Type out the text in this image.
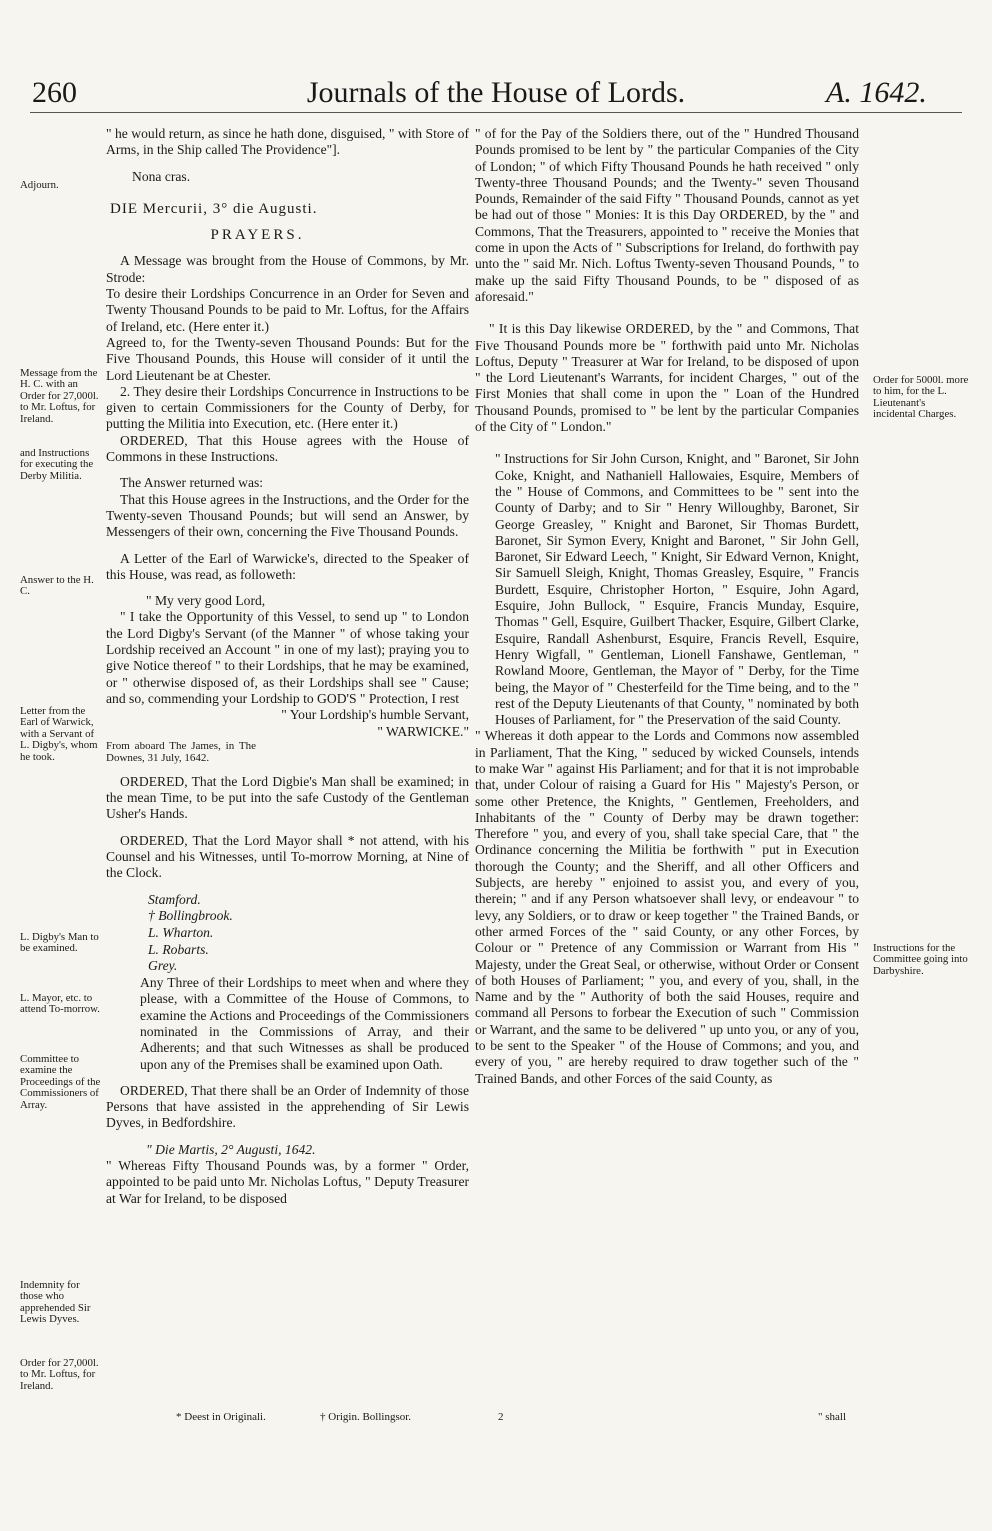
260	Journals of the House of Lords.	A. 1642.

" he would return, as since he hath done, disguised, " with Store of Arms, in the Ship called The Providence"].

Nona cras.

DIE Mercurii, 3° die Augusti.

PRAYERS.

A Message was brought from the House of Commons, by Mr. Strode:

To desire their Lordships Concurrence in an Order for Seven and Twenty Thousand Pounds to be paid to Mr. Loftus, for the Affairs of Ireland, etc. (Here enter it.)

Agreed to, for the Twenty-seven Thousand Pounds: But for the Five Thousand Pounds, this House will consider of it until the Lord Lieutenant be at Chester.

2. They desire their Lordships Concurrence in Instructions to be given to certain Commissioners for the County of Derby, for putting the Militia into Execution, etc. (Here enter it.)

ORDERED, That this House agrees with the House of Commons in these Instructions.

The Answer returned was:

That this House agrees in the Instructions, and the Order for the Twenty-seven Thousand Pounds; but will send an Answer, by Messengers of their own, concerning the Five Thousand Pounds.

A Letter of the Earl of Warwicke's, directed to the Speaker of this House, was read, as followeth:

" My very good Lord,

" I take the Opportunity of this Vessel, to send up " to London the Lord Digby's Servant (of the Manner " of whose taking your Lordship received an Account " in one of my last); praying you to give Notice thereof " to their Lordships, that he may be examined, or " otherwise disposed of, as their Lordships shall see " Cause; and so, commending your Lordship to GOD'S " Protection, I rest

" Your Lordship's humble Servant,

" WARWICKE."

From aboard The James, in The Downes, 31 July, 1642.

ORDERED, That the Lord Digbie's Man shall be examined; in the mean Time, to be put into the safe Custody of the Gentleman Usher's Hands.

ORDERED, That the Lord Mayor shall * not attend, with his Counsel and his Witnesses, until To-morrow Morning, at Nine of the Clock.

Stamford.

† Bollingbrook.

L. Wharton.

L. Robarts.

Grey.

Any Three of their Lordships to meet when and where they please, with a Committee of the House of Commons, to examine the Actions and Proceedings of the Commissioners nominated in the Commissions of Array, and their Adherents; and that such Witnesses as shall be produced upon any of the Premises shall be examined upon Oath.

ORDERED, That there shall be an Order of Indemnity of those Persons that have assisted in the apprehending of Sir Lewis Dyves, in Bedfordshire.

" Die Martis, 2° Augusti, 1642.

" Whereas Fifty Thousand Pounds was, by a former " Order, appointed to be paid unto Mr. Nicholas Loftus, " Deputy Treasurer at War for Ireland, to be disposed

" of for the Pay of the Soldiers there, out of the " Hundred Thousand Pounds promised to be lent by " the particular Companies of the City of London; " of which Fifty Thousand Pounds he hath received " only Twenty-three Thousand Pounds; and the Twenty-" seven Thousand Pounds, Remainder of the said Fifty " Thousand Pounds, cannot as yet be had out of those " Monies: It is this Day ORDERED, by the " and Commons, That the Treasurers, appointed to " receive the Monies that come in upon the Acts of " Subscriptions for Ireland, do forthwith pay unto the " said Mr. Nich. Loftus Twenty-seven Thousand Pounds, " to make up the said Fifty Thousand Pounds, to be " disposed of as aforesaid."

" It is this Day likewise ORDERED, by the " and Commons, That Five Thousand Pounds more be " forthwith paid unto Mr. Nicholas Loftus, Deputy " Treasurer at War for Ireland, to be disposed of upon " the Lord Lieutenant's Warrants, for incident Charges, " out of the First Monies that shall come in upon the " Loan of the Hundred Thousand Pounds, promised to " be lent by the particular Companies of the City of " London."

" Instructions for Sir John Curson, Knight, and " Baronet, Sir John Coke, Knight, and Nathaniell Hallowaies, Esquire, Members of the " House of Commons, and Committees to be " sent into the County of Darby; and to Sir " Henry Willoughby, Baronet, Sir George Greasley, " Knight and Baronet, Sir Thomas Burdett, Baronet, Sir Symon Every, Knight and Baronet, " Sir John Gell, Baronet, Sir Edward Leech, " Knight, Sir Edward Vernon, Knight, Sir Samuell Sleigh, Knight, Thomas Greasley, Esquire, " Francis Burdett, Esquire, Christopher Horton, " Esquire, John Agard, Esquire, John Bullock, " Esquire, Francis Munday, Esquire, Thomas " Gell, Esquire, Guilbert Thacker, Esquire, Gilbert Clarke, Esquire, Randall Ashenburst, Esquire, Francis Revell, Esquire, Henry Wigfall, " Gentleman, Lionell Fanshawe, Gentleman, " Rowland Moore, Gentleman, the Mayor of " Derby, for the Time being, the Mayor of " Chesterfeild for the Time being, and to the " rest of the Deputy Lieutenants of that County, " nominated by both Houses of Parliament, for " the Preservation of the said County.

" Whereas it doth appear to the Lords and Commons now assembled in Parliament, That the King, " seduced by wicked Counsels, intends to make War " against His Parliament; and for that it is not improbable that, under Colour of raising a Guard for His " Majesty's Person, or some other Pretence, the Knights, " Gentlemen, Freeholders, and Inhabitants of the " County of Derby may be drawn together: Therefore " you, and every of you, shall take special Care, that " the Ordinance concerning the Militia be forthwith " put in Execution thorough the County; and the Sheriff, and all other Officers and Subjects, are hereby " enjoined to assist you, and every of you, therein; " and if any Person whatsoever shall levy, or endeavour " to levy, any Soldiers, or to draw or keep together " the Trained Bands, or other armed Forces of the " said County, or any other Forces, by Colour or " Pretence of any Commission or Warrant from His " Majesty, under the Great Seal, or otherwise, without Order or Consent of both Houses of Parliament; " you, and every of you, shall, in the Name and by the " Authority of both the said Houses, require and command all Persons to forbear the Execution of such " Commission or Warrant, and the same to be delivered " up unto you, or any of you, to be sent to the Speaker " of the House of Commons; and you, and every of you, " are hereby required to draw together such of the " Trained Bands, and other Forces of the said County, as

Adjourn.
Message from the H. C. with an Order for 27,000l. to Mr. Loftus, for Ireland.
and Instructions for executing the Derby Militia.
Answer to the H. C.
Letter from the Earl of Warwick, with a Servant of L. Digby's, whom he took.
L. Digby's Man to be examined.
L. Mayor, etc. to attend To-morrow.
Committee to examine the Proceedings of the Commissioners of Array.
Indemnity for those who apprehended Sir Lewis Dyves.
Order for 27,000l. to Mr. Loftus, for Ireland.
Order for 5000l. more to him, for the L. Lieutenant's incidental Charges.
Instructions for the Committee going into Darbyshire.
* Deest in Originali.	† Origin. Bollingsor.	2	" shall
